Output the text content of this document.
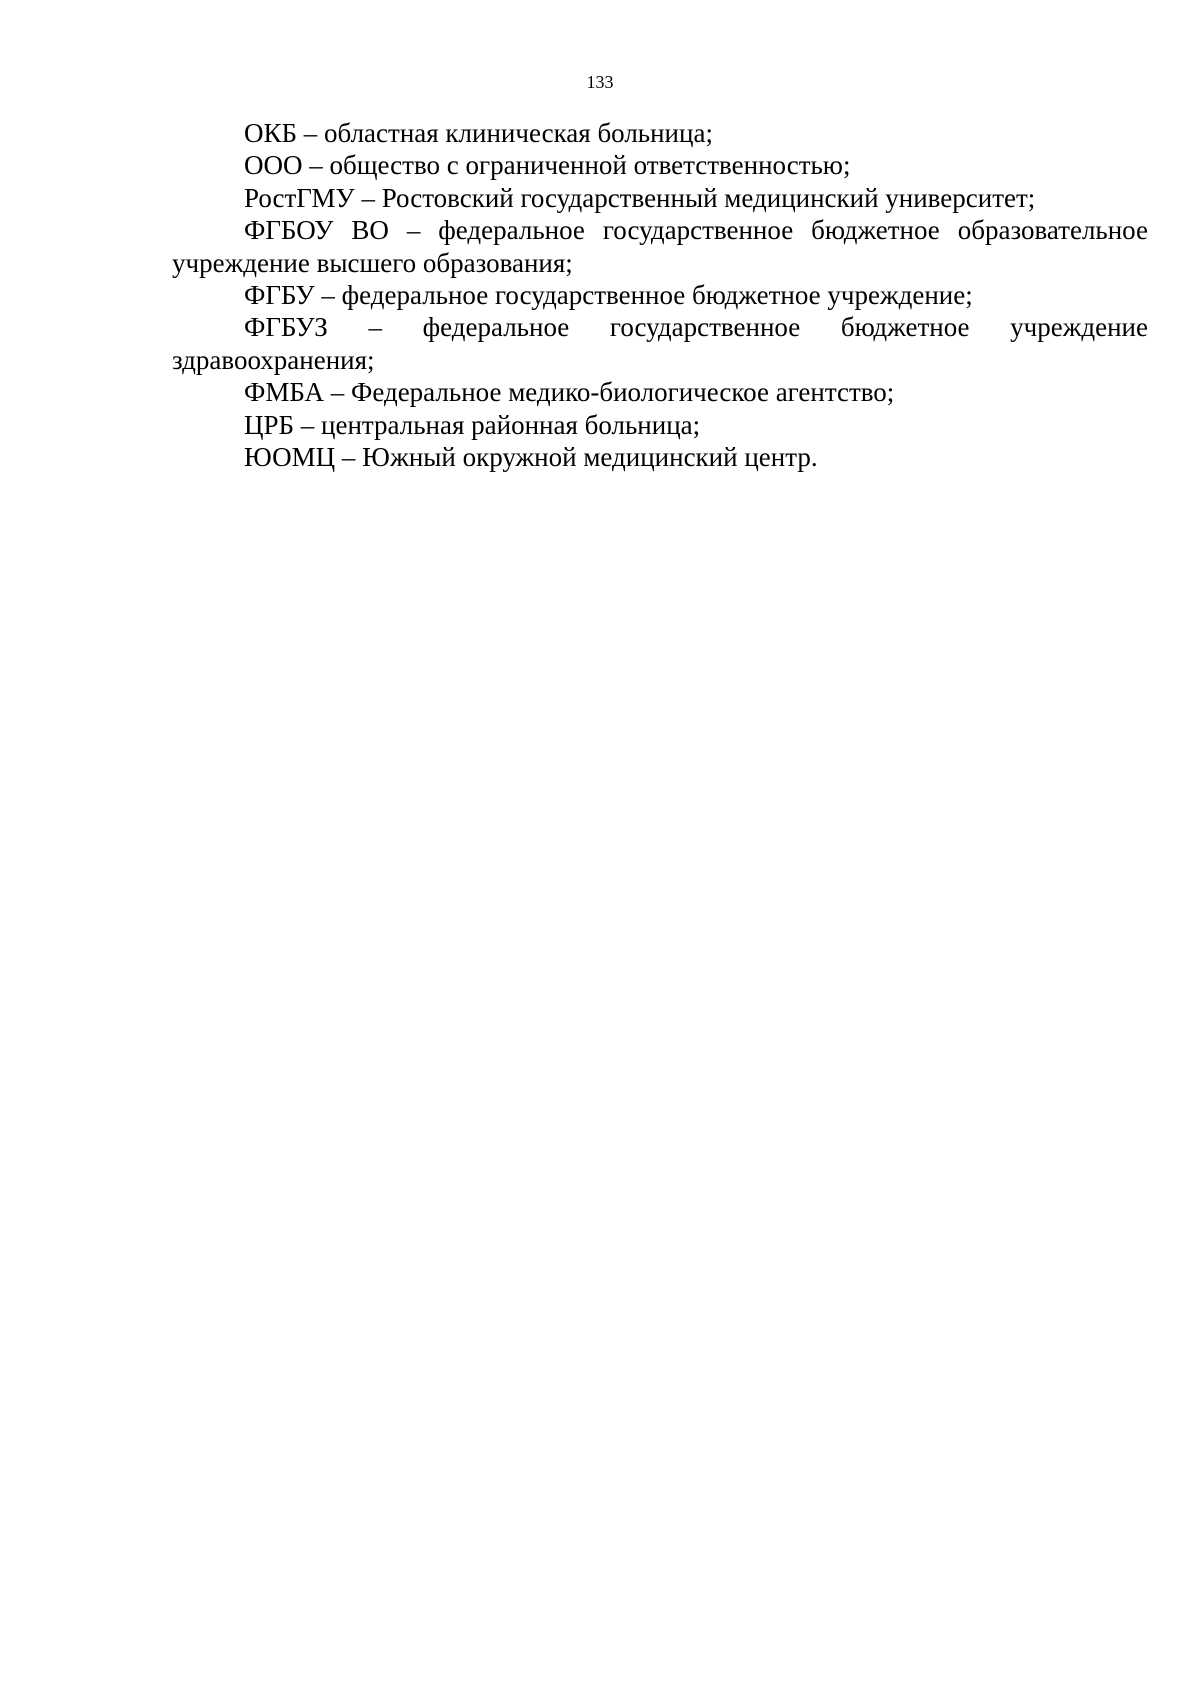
133
ОКБ – областная клиническая больница;
ООО – общество с ограниченной ответственностью;
РостГМУ – Ростовский государственный медицинский университет;
ФГБОУ ВО – федеральное государственное бюджетное образовательное учреждение высшего образования;
ФГБУ – федеральное государственное бюджетное учреждение;
ФГБУЗ – федеральное государственное бюджетное учреждение здравоохранения;
ФМБА – Федеральное медико-биологическое агентство;
ЦРБ – центральная районная больница;
ЮОМЦ – Южный окружной медицинский центр.
